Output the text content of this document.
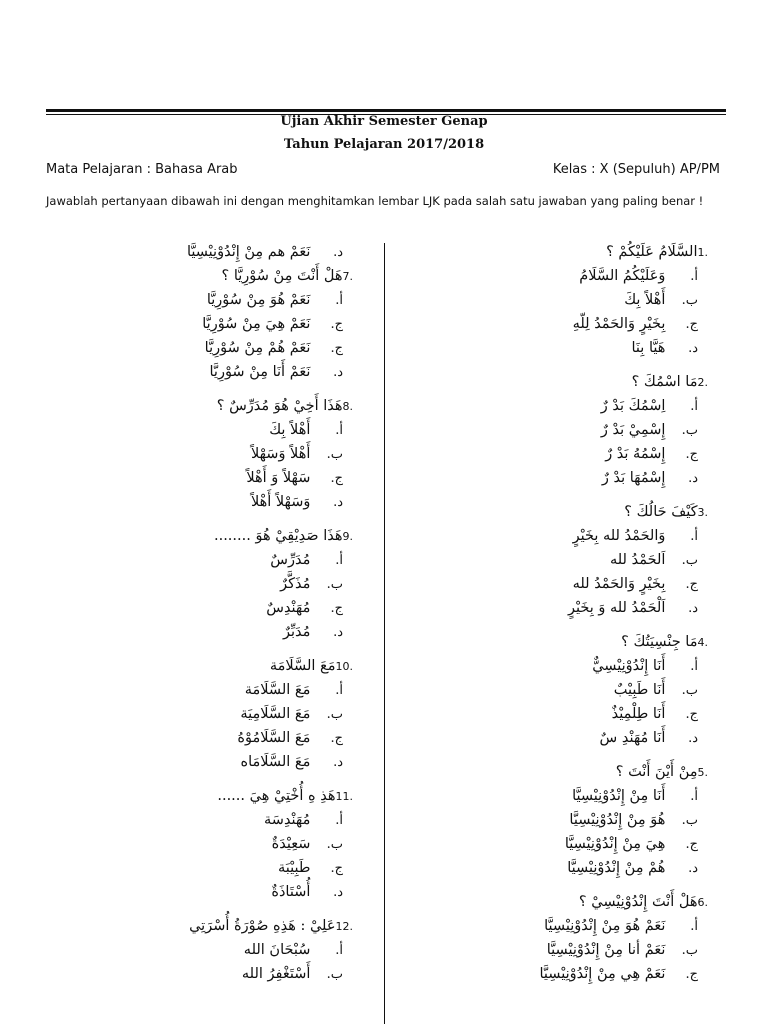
Ujian Akhir Semester Genap
Tahun Pelajaran 2017/2018
Mata Pelajaran : Bahasa Arab	Kelas : X (Sepuluh) AP/PM
Jawablah pertanyaan dibawah ini dengan menghitamkan lembar LJK pada salah satu jawaban yang paling benar !
1.السَّلَامُ عَلَيْكُمْ ؟
أ. وَعَلَيْكُمُ السَّلَامُ
ب. أَهْلاً بِكَ
ج. بِخَيْرٍ وَالحَمْدُ لِلّهِ
د. هَيَّا بِنَا
2.مَا اسْمُكَ ؟
أ. اِسْمُكَ بَدْ رٌ
ب. إِسْمِيْ بَدْ رٌ
ج. إِسْمُهُ بَدْ رٌ
د. إِسْمُهَا بَدْ رٌ
3.كَيْفَ حَالُكَ ؟
أ. وَالحَمْدُ لله بِخَيْرٍ
ب. اَلحَمْدُ لله
ج. بِخَيْرٍ وَالحَمْدُ لله
د. اَلْحَمْدُ لله وَ بِخَيْرٍ
4.مَا جِنْسِيَتُكَ ؟
أ. أَنَا إِنْدُوْنِيْسِيٌّ
ب. أَنَا طَبِيْبٌ
ج. أَنَا طِلْمِيْذٌ
د. أَنَا مُهَنْدِ سٌ
5.مِنْ أَيْنَ أَنْتَ ؟
أ. أَنَا مِنْ إِنْدُوْنِيْسِيَّا
ب. هُوَ مِنْ إِنْدُوْنِيْسِيَّا
ج. هِيَ مِنْ إِنْدُوْنِيْسِيَّا
د. هُمْ مِنْ إِنْدُوْنِيْسِيَّا
6.هَلْ أَنْتَ إِنْدُوْنِيْسِيْ ؟
أ. نَعَمْ هُوَ مِنْ إِنْدُوْنِيْسِيَّا
ب. نَعَمْ أنا مِنْ إِنْدُوْنِيْسِيَّا
ج. نَعَمْ هِي مِنْ إِنْدُوْنِيْسِيَّا
د. نَعَمْ هم مِنْ إِنْدُوْنِيْسِيَّا
7.هَلْ أَنْتَ مِنْ سُوْرِيَّا ؟
أ. نَعَمْ هُوَ مِنْ سُوْرِيَّا
ج. نَعَمْ هِيَ مِنْ سُوْرِيَّا
ج. نَعَمْ هُمْ مِنْ سُوْرِيَّا
د. نَعَمْ أَنَا مِنْ سُوْرِيَّا
8.هَذَا أَخِيْ هُوَ مُدَرِّسٌ ؟
أ. أَهْلاً بِكَ
ب. أَهْلاً وَسَهْلاً
ج. سَهْلاً وَ أَهْلاً
د. وَسَهْلاً أَهْلاً
9.هَذَا صَدِيْقِيْ هُوَ ........
أ. مُدَرِّسٌ
ب. مُذَكَّرٌ
ج. مُهَنْدِسٌ
د. مُدَبِّرٌ
10.مَعَ السَّلَامَة
أ. مَعَ السَّلَامَة
ب. مَعَ السَّلَامِيَة
ج. مَعَ السَّلَامُوْهُ
د. مَعَ السَّلَامَاه
11.هَذِ هِ أُخْتِيْ هِيَ ......
أ. مُهَنْدِسَة
ب. سَعِيْدَةٌ
ج. طَبِيْبَة
د. أُسْتَاذَةٌ
12.عَلِيْ : هَذِهِ صُوْرَةُ أُسْرَتِي
أ. سُبْحَانَ الله
ب. أَسْتَغْفِرُ الله
